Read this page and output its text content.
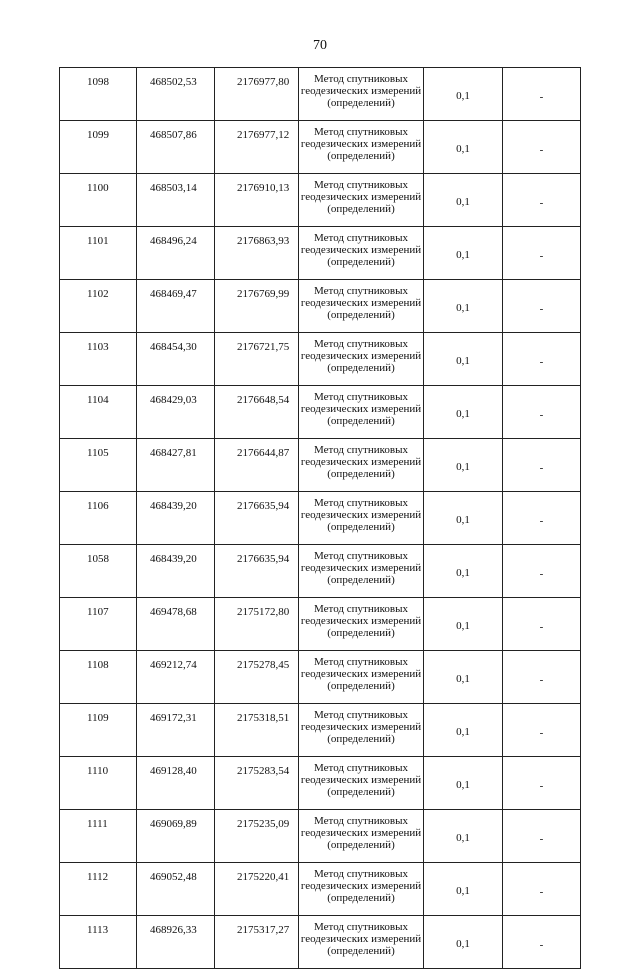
70
1098	468502,53	2176977,80	Метод спутниковых
геодезических измерений
(определений)	0,1	-
1099	468507,86	2176977,12	Метод спутниковых
геодезических измерений
(определений)	0,1	-
1100	468503,14	2176910,13	Метод спутниковых
геодезических измерений
(определений)	0,1	-
1101	468496,24	2176863,93	Метод спутниковых
геодезических измерений
(определений)	0,1	-
1102	468469,47	2176769,99	Метод спутниковых
геодезических измерений
(определений)	0,1	-
1103	468454,30	2176721,75	Метод спутниковых
геодезических измерений
(определений)	0,1	-
1104	468429,03	2176648,54	Метод спутниковых
геодезических измерений
(определений)	0,1	-
1105	468427,81	2176644,87	Метод спутниковых
геодезических измерений
(определений)	0,1	-
1106	468439,20	2176635,94	Метод спутниковых
геодезических измерений
(определений)	0,1	-
1058	468439,20	2176635,94	Метод спутниковых
геодезических измерений
(определений)	0,1	-
1107	469478,68	2175172,80	Метод спутниковых
геодезических измерений
(определений)	0,1	-
1108	469212,74	2175278,45	Метод спутниковых
геодезических измерений
(определений)	0,1	-
1109	469172,31	2175318,51	Метод спутниковых
геодезических измерений
(определений)	0,1	-
1110	469128,40	2175283,54	Метод спутниковых
геодезических измерений
(определений)	0,1	-
1111	469069,89	2175235,09	Метод спутниковых
геодезических измерений
(определений)	0,1	-
1112	469052,48	2175220,41	Метод спутниковых
геодезических измерений
(определений)	0,1	-
1113	468926,33	2175317,27	Метод спутниковых
геодезических измерений
(определений)	0,1	-
